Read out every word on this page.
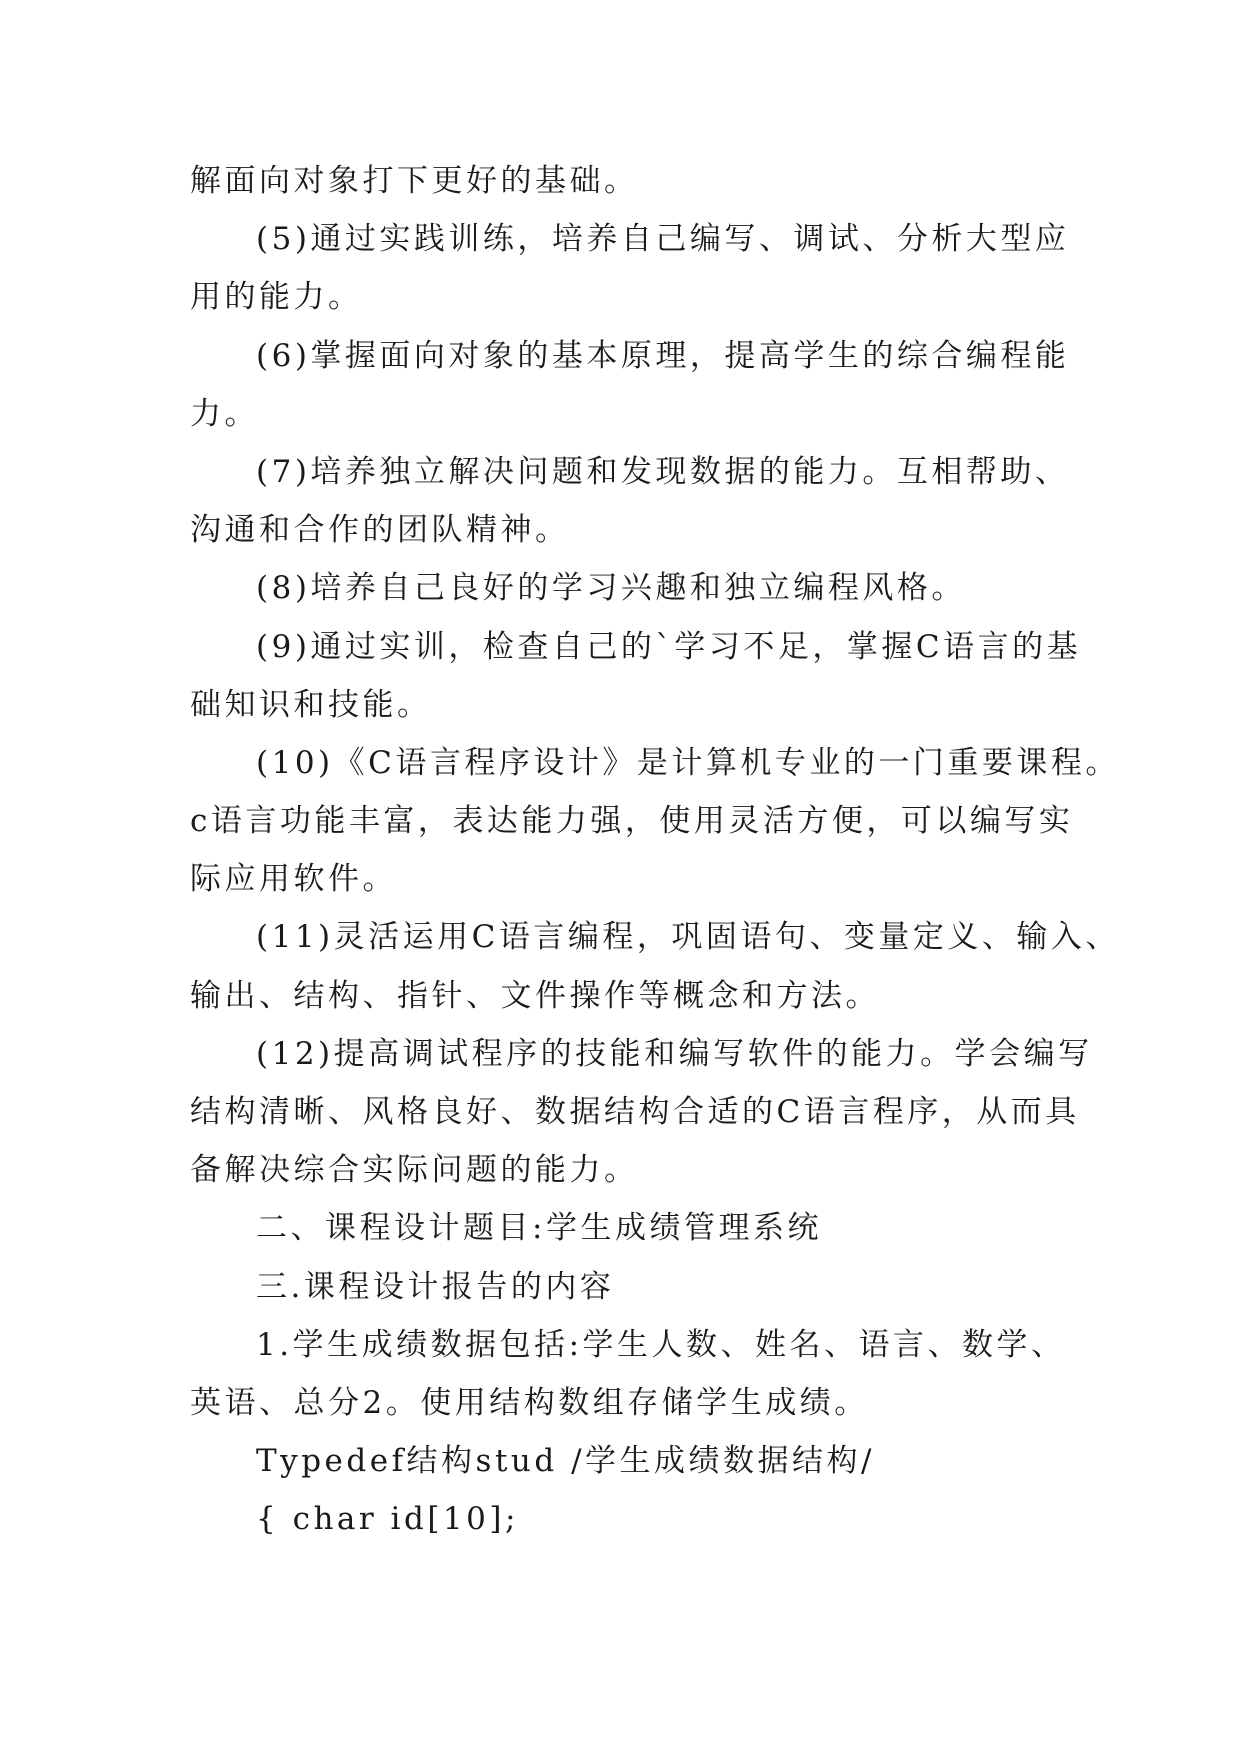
解面向对象打下更好的基础。
(5)通过实践训练，培养自己编写、调试、分析大型应
用的能力。
(6)掌握面向对象的基本原理，提高学生的综合编程能
力。
(7)培养独立解决问题和发现数据的能力。互相帮助、
沟通和合作的团队精神。
(8)培养自己良好的学习兴趣和独立编程风格。
(9)通过实训，检查自己的`学习不足，掌握C语言的基
础知识和技能。
(10)《C语言程序设计》是计算机专业的一门重要课程。
c语言功能丰富，表达能力强，使用灵活方便，可以编写实
际应用软件。
(11)灵活运用C语言编程，巩固语句、变量定义、输入、
输出、结构、指针、文件操作等概念和方法。
(12)提高调试程序的技能和编写软件的能力。学会编写
结构清晰、风格良好、数据结构合适的C语言程序，从而具
备解决综合实际问题的能力。
二、课程设计题目:学生成绩管理系统
三.课程设计报告的内容
1.学生成绩数据包括:学生人数、姓名、语言、数学、
英语、总分2。使用结构数组存储学生成绩。
Typedef结构stud /学生成绩数据结构/
{ char id[10];
